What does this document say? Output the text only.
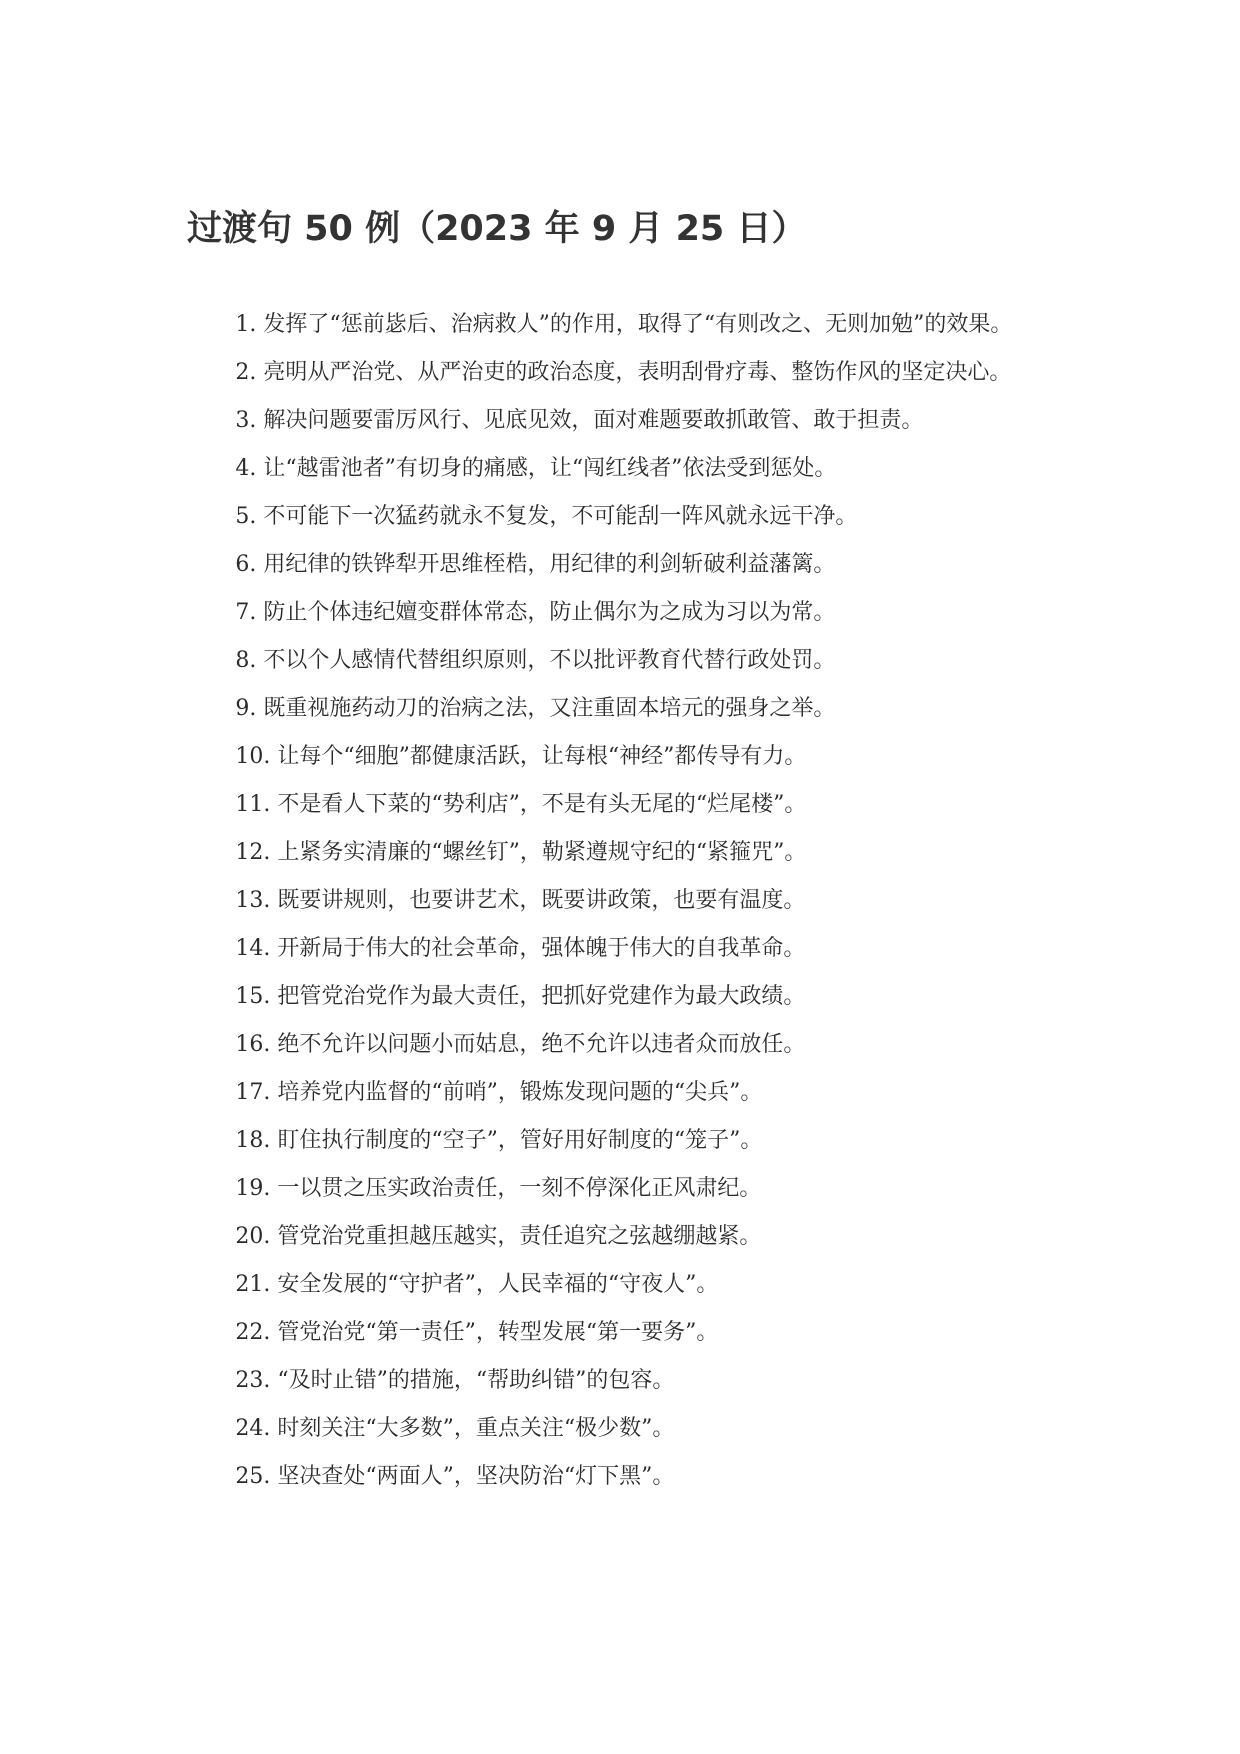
过渡句 50 例（2023 年 9 月 25 日）
1. 发挥了“惩前毖后、治病救人”的作用，取得了“有则改之、无则加勉”的效果。
2. 亮明从严治党、从严治吏的政治态度，表明刮骨疗毒、整饬作风的坚定决心。
3. 解决问题要雷厉风行、见底见效，面对难题要敢抓敢管、敢于担责。
4. 让“越雷池者”有切身的痛感，让“闯红线者”依法受到惩处。
5. 不可能下一次猛药就永不复发，不可能刮一阵风就永远干净。
6. 用纪律的铁铧犁开思维桎梏，用纪律的利剑斩破利益藩篱。
7. 防止个体违纪嬗变群体常态，防止偶尔为之成为习以为常。
8. 不以个人感情代替组织原则，不以批评教育代替行政处罚。
9. 既重视施药动刀的治病之法，又注重固本培元的强身之举。
10. 让每个“细胞”都健康活跃，让每根“神经”都传导有力。
11. 不是看人下菜的“势利店”，不是有头无尾的“烂尾楼”。
12. 上紧务实清廉的“螺丝钉”，勒紧遵规守纪的“紧箍咒”。
13. 既要讲规则，也要讲艺术，既要讲政策，也要有温度。
14. 开新局于伟大的社会革命，强体魄于伟大的自我革命。
15. 把管党治党作为最大责任，把抓好党建作为最大政绩。
16. 绝不允许以问题小而姑息，绝不允许以违者众而放任。
17. 培养党内监督的“前哨”，锻炼发现问题的“尖兵”。
18. 盯住执行制度的“空子”，管好用好制度的“笼子”。
19. 一以贯之压实政治责任，一刻不停深化正风肃纪。
20. 管党治党重担越压越实，责任追究之弦越绷越紧。
21. 安全发展的“守护者”，人民幸福的“守夜人”。
22. 管党治党“第一责任”，转型发展“第一要务”。
23. “及时止错”的措施，“帮助纠错”的包容。
24. 时刻关注“大多数”，重点关注“极少数”。
25. 坚决查处“两面人”，坚决防治“灯下黑”。
